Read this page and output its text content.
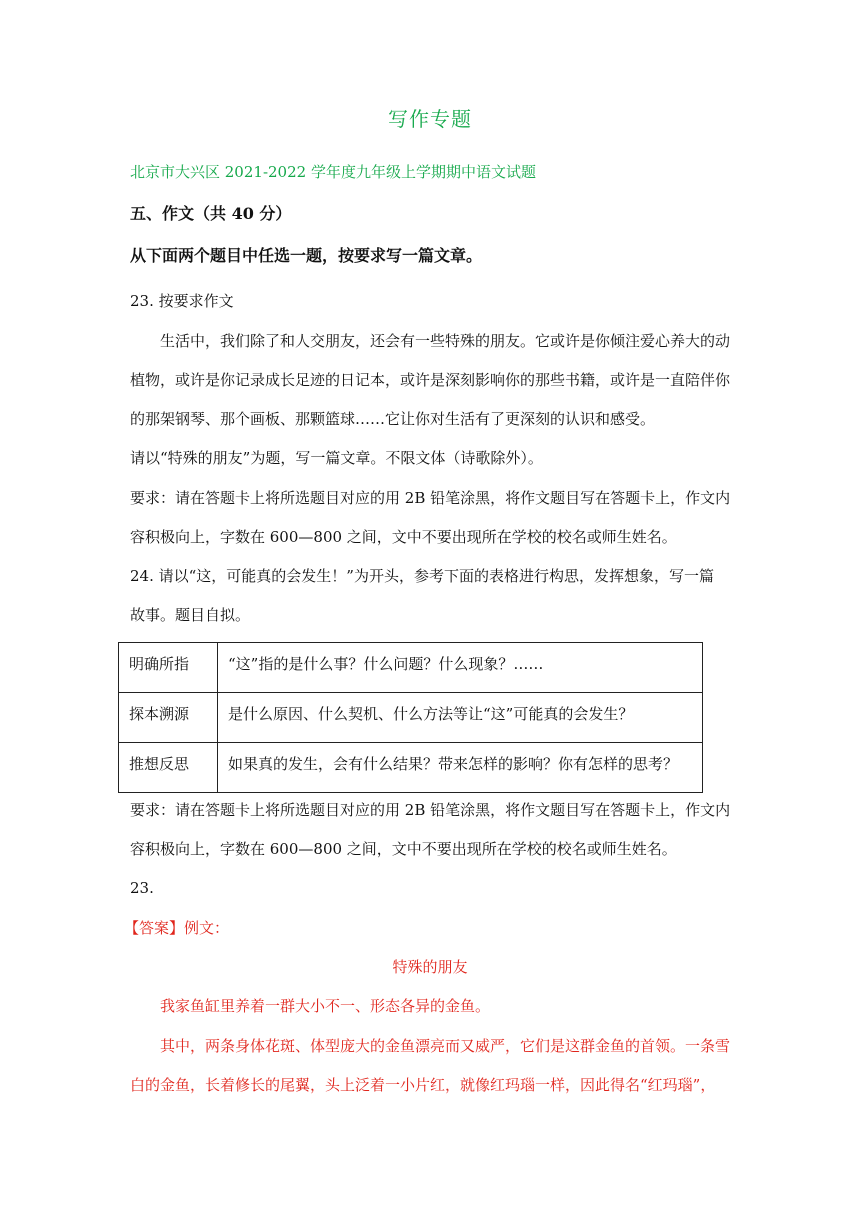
写作专题
北京市大兴区 2021-2022 学年度九年级上学期期中语文试题
五、作文（共 40 分）
从下面两个题目中任选一题，按要求写一篇文章。
23. 按要求作文
生活中，我们除了和人交朋友，还会有一些特殊的朋友。它或许是你倾注爱心养大的动
植物，或许是你记录成长足迹的日记本，或许是深刻影响你的那些书籍，或许是一直陪伴你
的那架钢琴、那个画板、那颗篮球……它让你对生活有了更深刻的认识和感受。
请以“特殊的朋友”为题，写一篇文章。不限文体（诗歌除外）。
要求：请在答题卡上将所选题目对应的用 2B 铅笔涂黑，将作文题目写在答题卡上，作文内
容积极向上，字数在 600—800 之间，文中不要出现所在学校的校名或师生姓名。
24. 请以“这，可能真的会发生！”为开头，参考下面的表格进行构思，发挥想象，写一篇
故事。题目自拟。
明确所指	“这”指的是什么事？什么问题？什么现象？……
探本溯源	是什么原因、什么契机、什么方法等让“这”可能真的会发生？
推想反思	如果真的发生，会有什么结果？带来怎样的影响？你有怎样的思考？
要求：请在答题卡上将所选题目对应的用 2B 铅笔涂黑，将作文题目写在答题卡上，作文内
容积极向上，字数在 600—800 之间，文中不要出现所在学校的校名或师生姓名。
23.
【答案】例文：
特殊的朋友
我家鱼缸里养着一群大小不一、形态各异的金鱼。
其中，两条身体花斑、体型庞大的金鱼漂亮而又威严，它们是这群金鱼的首领。一条雪
白的金鱼，长着修长的尾翼，头上泛着一小片红，就像红玛瑙一样，因此得名“红玛瑙”，
